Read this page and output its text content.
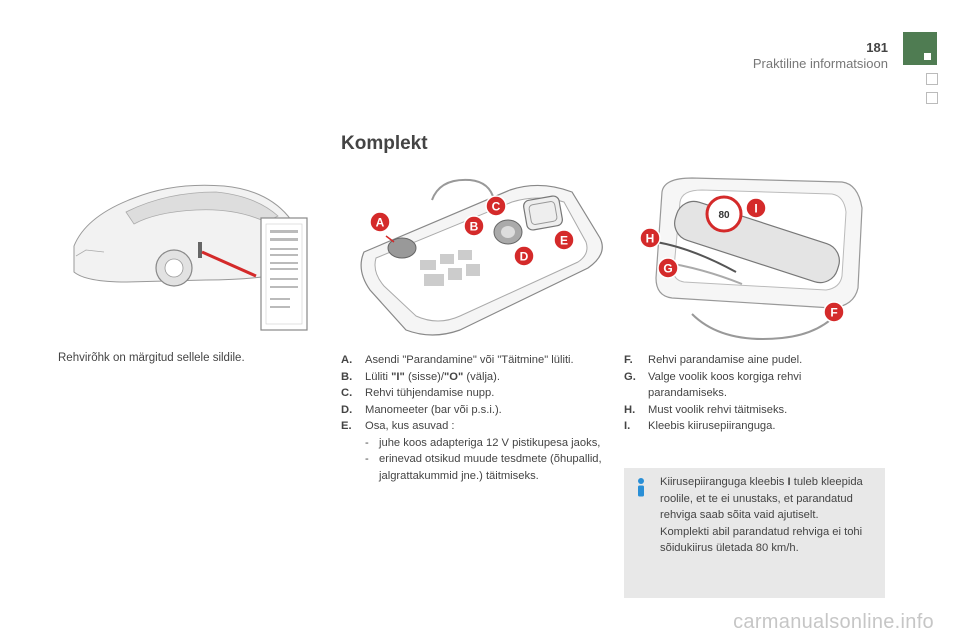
181
Praktiline informatsioon
Komplekt
Rehvirõhk on märgitud sellele sildile.
A	B
C
D
E
80
H
I
G
F
A.	Asendi "Parandamine" või "Täitmine" lüliti.
B.	Lüliti "I" (sisse)/"O" (välja).
C.	Rehvi tühjendamise nupp.
D.	Manomeeter (bar või p.s.i.).
E.	Osa, kus asuvad :
- juhe koos adapteriga 12 V pistikupesa jaoks,
- erinevad otsikud muude tesdmete (õhupallid, jalgrattakummid jne.) täitmiseks.
F.	Rehvi parandamise aine pudel.
G.	Valge voolik koos korgiga rehvi parandamiseks.
H.	Must voolik rehvi täitmiseks.
I.	Kleebis kiirusepiiranguga.
Kiirusepiiranguga kleebis I tuleb kleepida roolile, et te ei unustaks, et parandatud rehviga saab sõita vaid ajutiselt.
Komplekti abil parandatud rehviga ei tohi sõidukiirus ületada 80 km/h.
carmanualsonline.info
